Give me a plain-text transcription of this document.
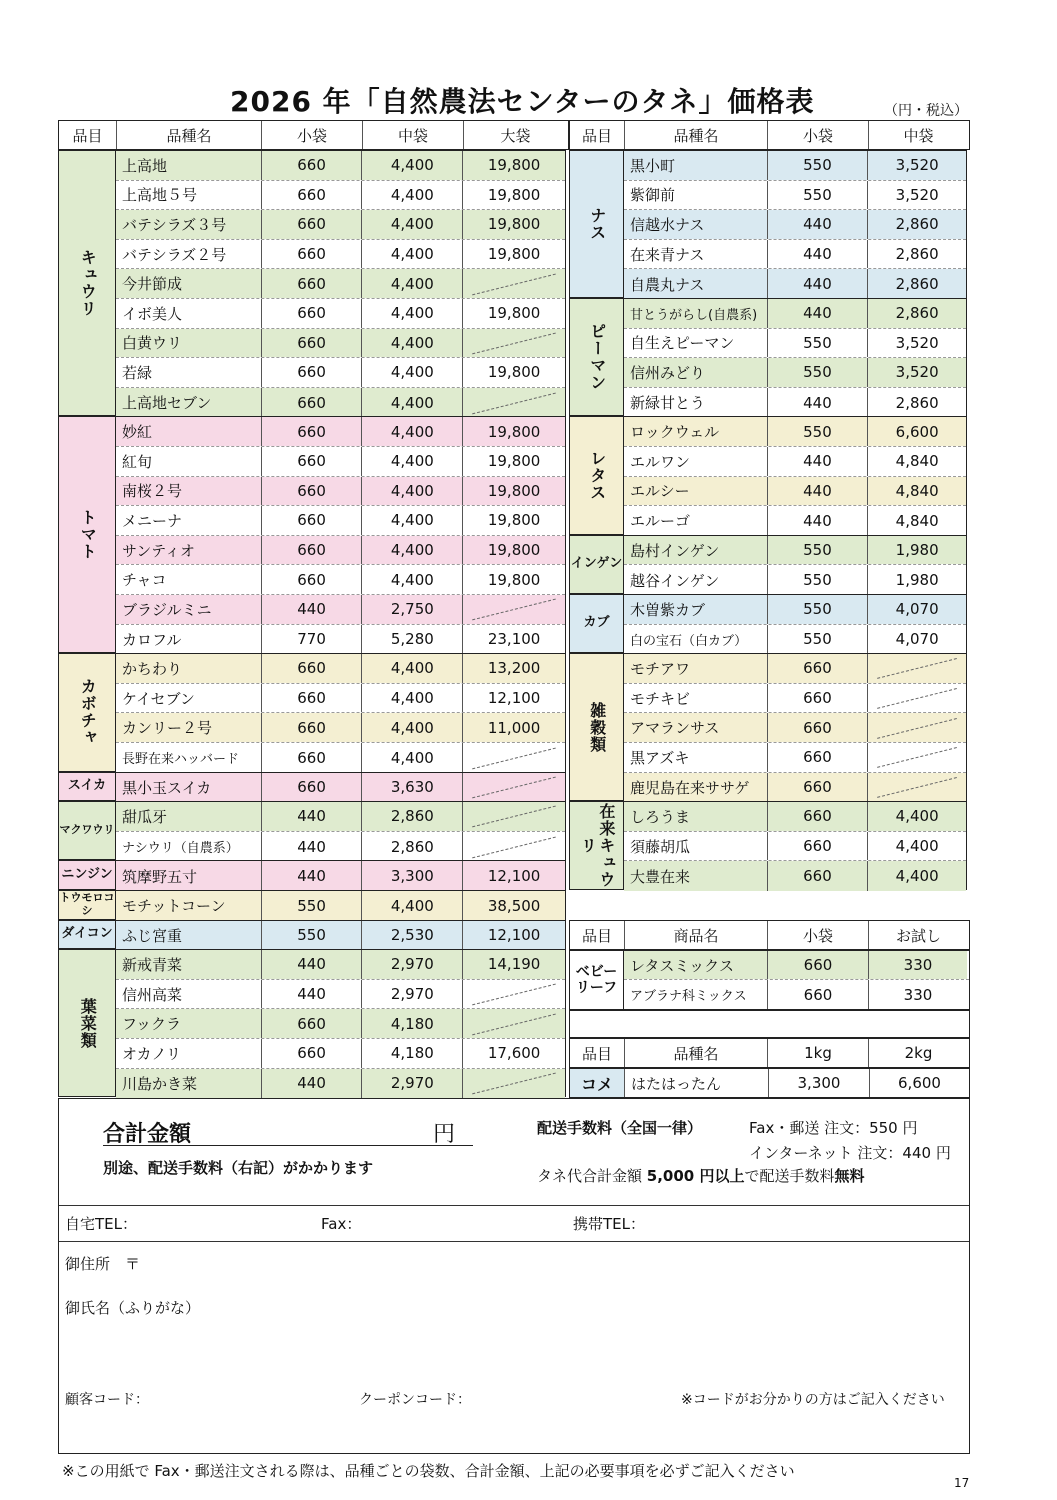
2026 年「自然農法センターのタネ」価格表	（円・税込）
品目	品種名	小袋	中袋	大袋	品目	品種名	小袋	中袋
キュウリ
上高地	660	4,400	19,800
上高地５号	660	4,400	19,800
バテシラズ３号	660	4,400	19,800
バテシラズ２号	660	4,400	19,800
今井節成	660	4,400
イボ美人	660	4,400	19,800
白黄ウリ	660	4,400
若緑	660	4,400	19,800
上高地セブン	660	4,400
トマト
妙紅	660	4,400	19,800
紅旬	660	4,400	19,800
南桜２号	660	4,400	19,800
メニーナ	660	4,400	19,800
サンティオ	660	4,400	19,800
チャコ	660	4,400	19,800
ブラジルミニ	440	2,750
カロフル	770	5,280	23,100
カボチャ
かちわり	660	4,400	13,200
ケイセブン	660	4,400	12,100
カンリー２号	660	4,400	11,000
長野在来ハッバード	660	4,400
スイカ	黒小玉スイカ	660	3,630
マクワウリ
甜瓜牙	440	2,860
ナシウリ（自農系）	440	2,860
ニンジン 筑摩野五寸	440	3,300	12,100
トウモロコシ	モチットコーン	550	4,400	38,500
ダイコン ふじ宮重	550	2,530	12,100
葉菜類
新戒青菜	440	2,970	14,190
信州高菜	440	2,970
フックラ	660	4,180
オカノリ	660	4,180	17,600
川島かき菜	440	2,970
ナス
黒小町	550	3,520
紫御前	550	3,520
信越水ナス	440	2,860
在来青ナス	440	2,860
自農丸ナス	440	2,860
ピーマン
甘とうがらし(自農系)	440	2,860
自生えピーマン	550	3,520
信州みどり	550	3,520
新緑甘とう	440	2,860
レタス
ロックウェル	550	6,600
エルワン	440	4,840
エルシー	440	4,840
エルーゴ	440	4,840
インゲン
島村インゲン	550	1,980
越谷インゲン	550	1,980
カブ
木曽紫カブ	550	4,070
白の宝石（白カブ）	550	4,070
雑穀類
モチアワ	660
モチキビ	660
アマランサス	660
黒アズキ	660
鹿児島在来ササゲ	660
在来キュウリ
しろうま	660	4,400
須藤胡瓜	660	4,400
大豊在来	660	4,400
品目	商品名	小袋	お試し
ベビーリーフ
レタスミックス	660	330
アブラナ科ミックス	660	330
品目	品種名	1kg	2kg
コメ	はたはったん	3,300	6,600
合計金額	円
別途、配送手数料（右記）がかかります
配送手数料（全国一律）	Fax・郵送 注文：550 円
インターネット 注文：440 円
タネ代合計金額 5,000 円以上で配送手数料無料
自宅TEL：	Fax：	携帯TEL：
御住所　〒
御氏名（ふりがな）
顧客コード：	クーポンコード：	※コードがお分かりの方はご記入ください
※この用紙で Fax・郵送注文される際は、品種ごとの袋数、合計金額、上記の必要事項を必ずご記入ください
17
